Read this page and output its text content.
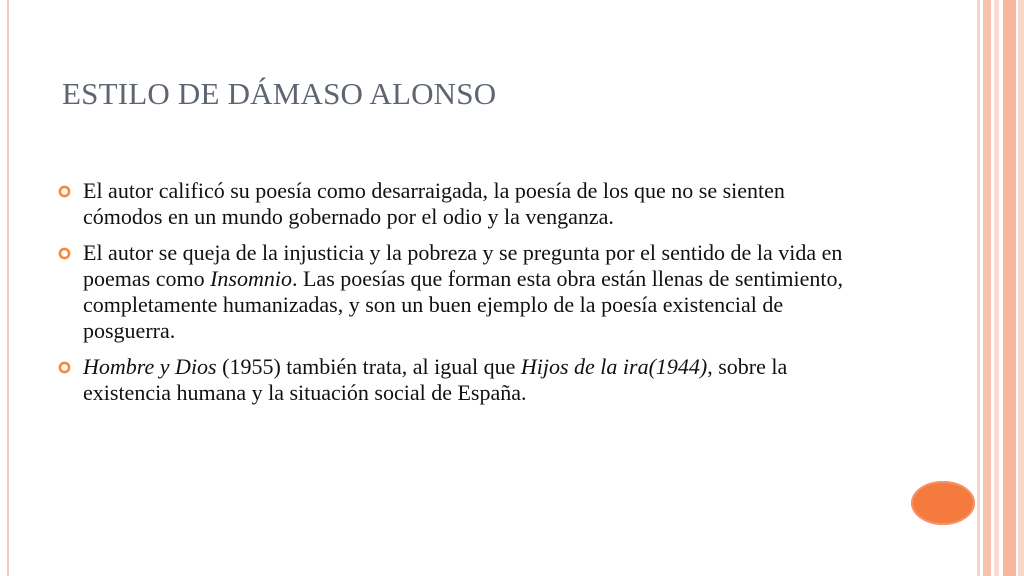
ESTILO DE DÁMASO ALONSO
El autor calificó su poesía como desarraigada, la poesía de los que no se sienten cómodos en un mundo gobernado por el odio y la venganza.
El autor se queja de la injusticia y la pobreza y se pregunta por el sentido de la vida en poemas como Insomnio. Las poesías que forman esta obra están llenas de sentimiento, completamente humanizadas, y son un buen ejemplo de la poesía existencial de posguerra.
Hombre y Dios (1955) también trata, al igual que Hijos de la ira(1944), sobre la existencia humana y la situación social de España.
